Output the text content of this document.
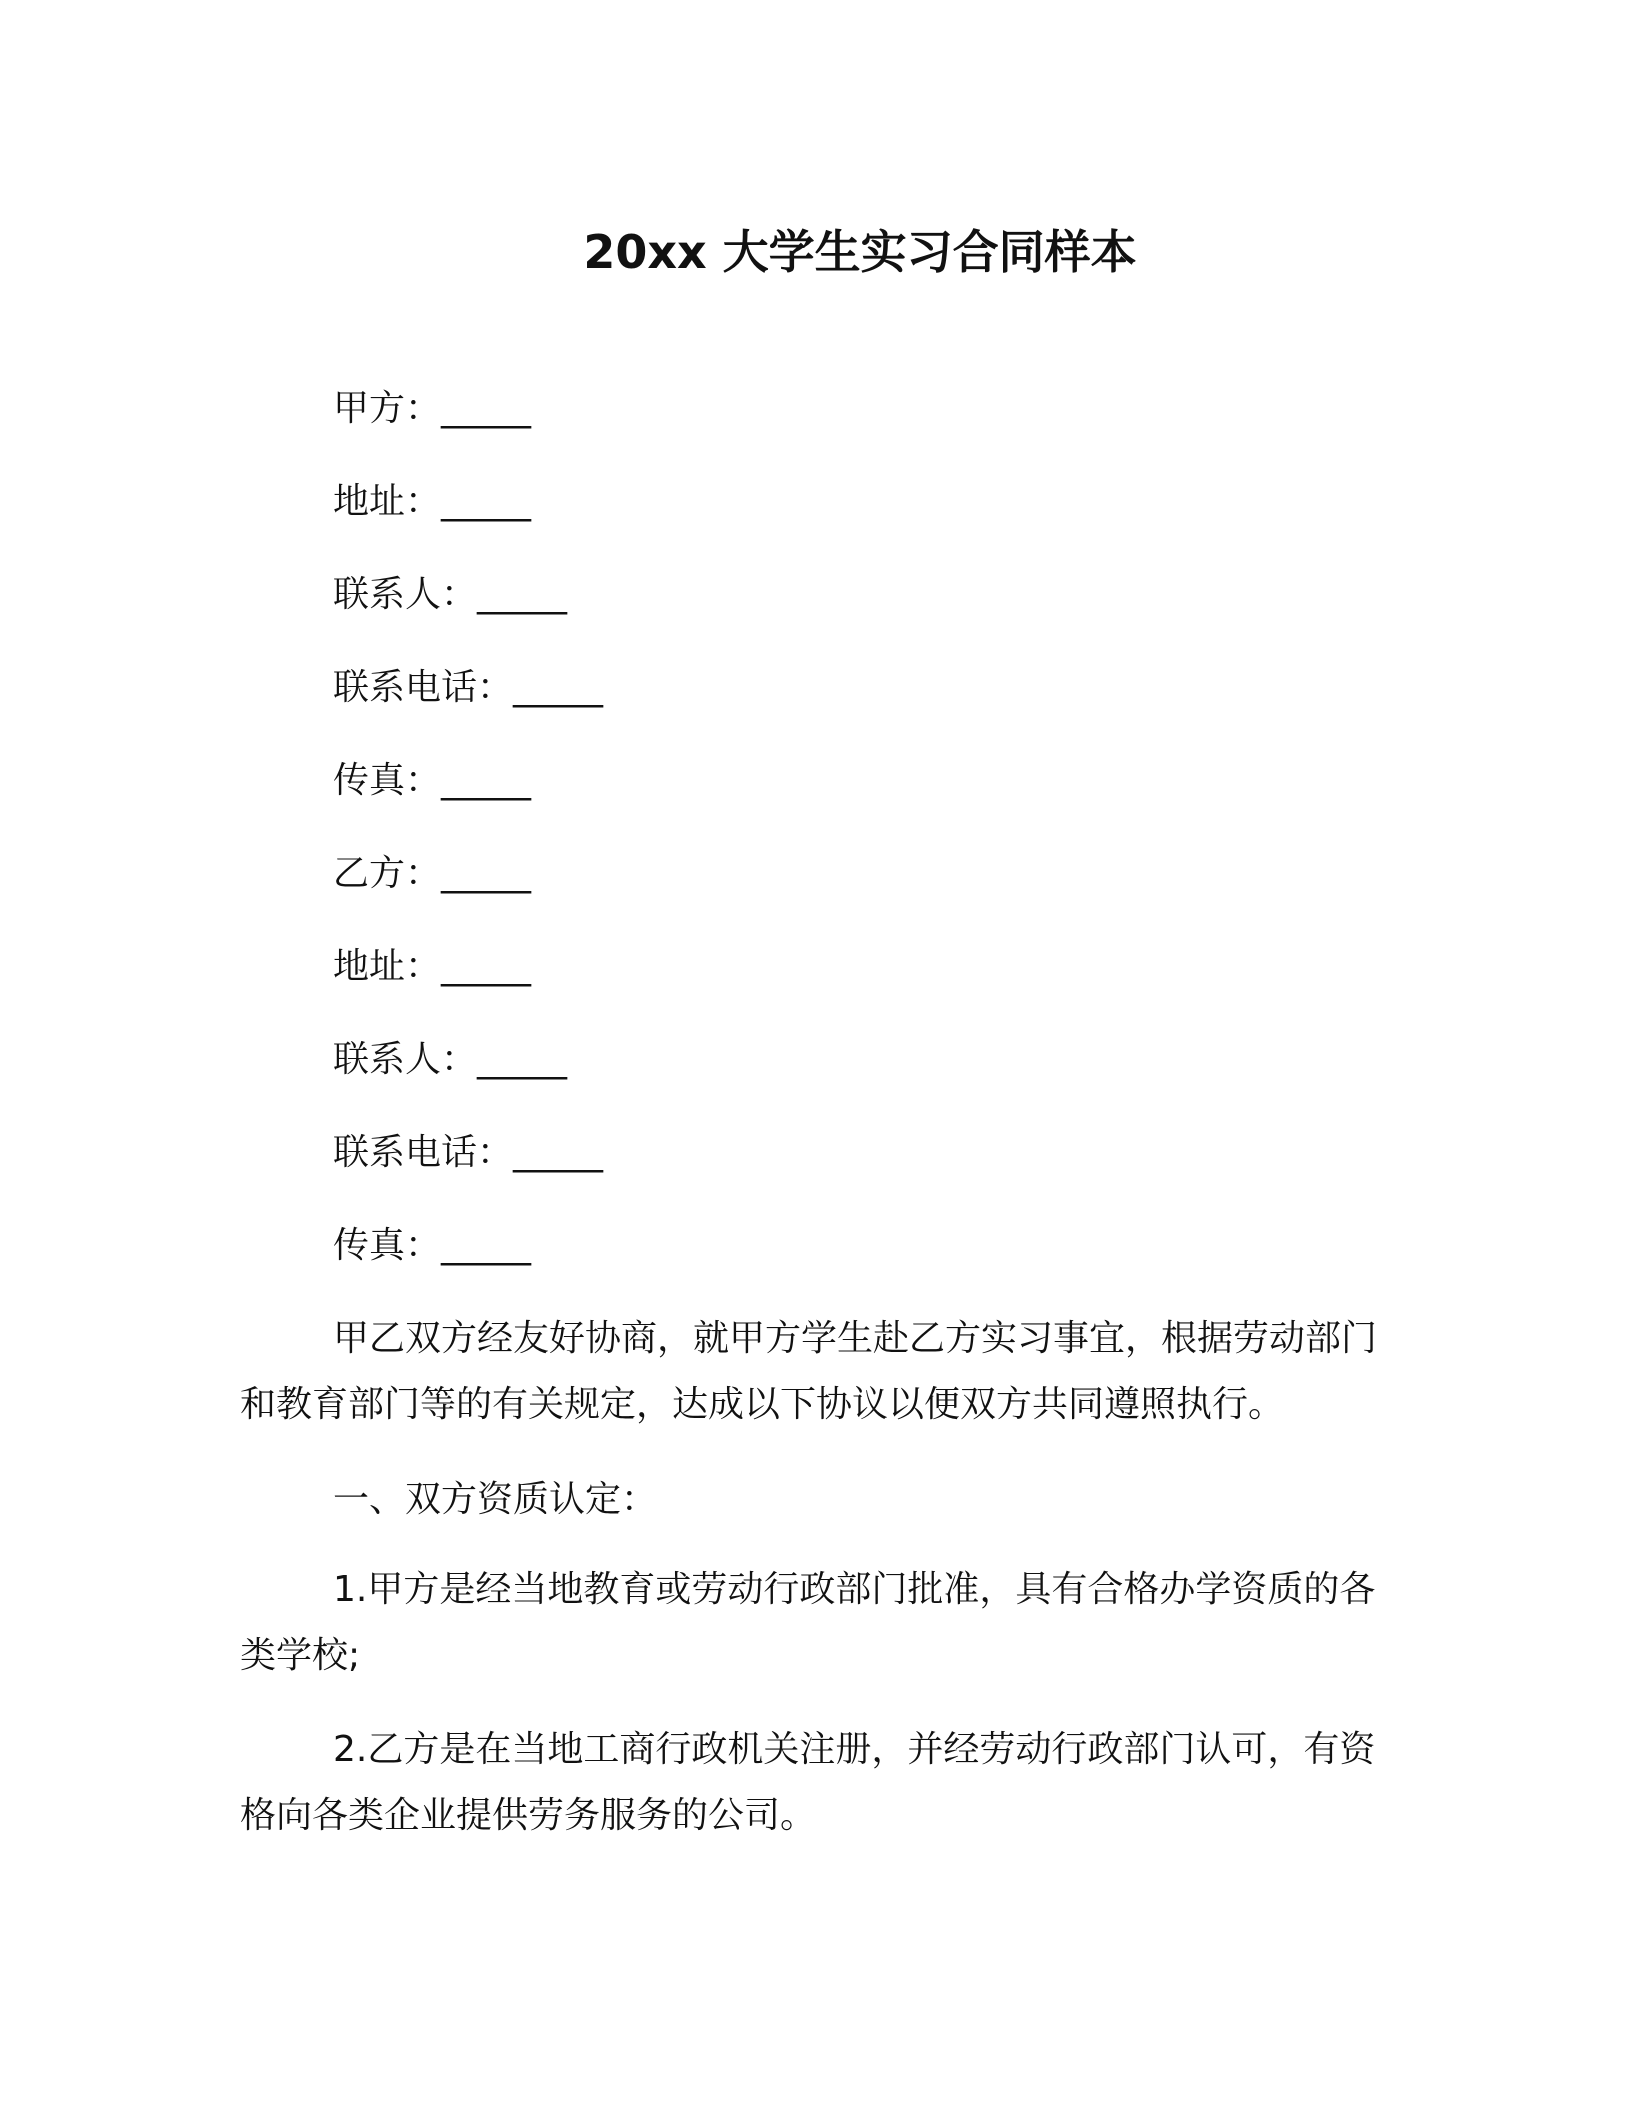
20xx 大学生实习合同样本
甲方：_____
地址：_____
联系人：_____
联系电话：_____
传真：_____
乙方：_____
地址：_____
联系人：_____
联系电话：_____
传真：_____
甲乙双方经友好协商，就甲方学生赴乙方实习事宜，根据劳动部门和教育部门等的有关规定，达成以下协议以便双方共同遵照执行。
一、双方资质认定：
1.甲方是经当地教育或劳动行政部门批准，具有合格办学资质的各类学校;
2.乙方是在当地工商行政机关注册，并经劳动行政部门认可，有资格向各类企业提供劳务服务的公司。
